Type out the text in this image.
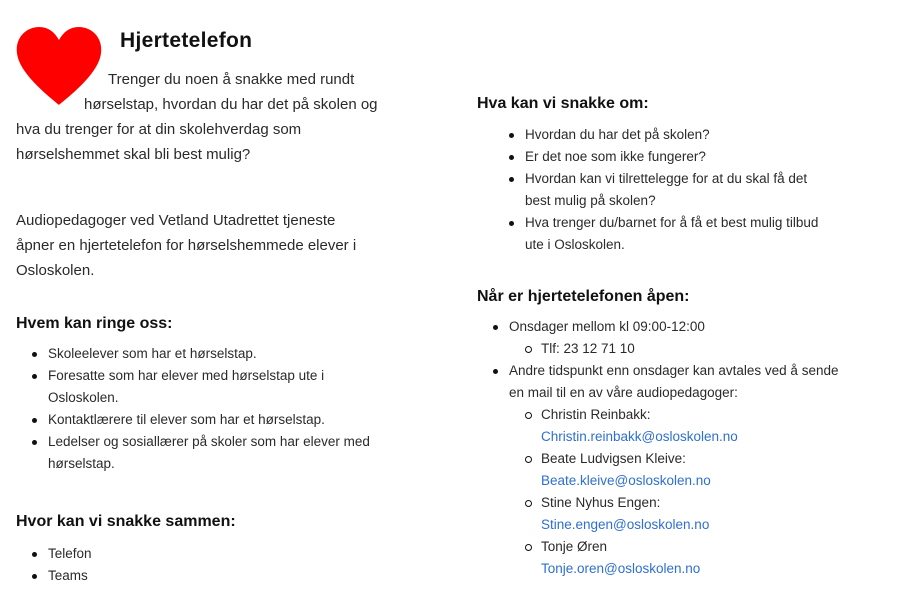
Hjertetelefon
Trenger du noen å snakke med rundt
hørselstap, hvordan du har det på skolen og
hva du trenger for at din skolehverdag som
hørselshemmet skal bli best mulig?
Audiopedagoger ved Vetland Utadrettet tjeneste
åpner en hjertetelefon for hørselshemmede elever i
Osloskolen.
Hvem kan ringe oss:
Skoleelever som har et hørselstap.
Foresatte som har elever med hørselstap ute i
Osloskolen.
Kontaktlærere til elever som har et hørselstap.
Ledelser og sosiallærer på skoler som har elever med
hørselstap.
Hvor kan vi snakke sammen:
Telefon
Teams
Hva kan vi snakke om:
Hvordan du har det på skolen?
Er det noe som ikke fungerer?
Hvordan kan vi tilrettelegge for at du skal få det
best mulig på skolen?
Hva trenger du/barnet for å få et best mulig tilbud
ute i Osloskolen.
Når er hjertetelefonen åpen:
Onsdager mellom kl 09:00-12:00
Tlf: 23 12 71 10
Andre tidspunkt enn onsdager kan avtales ved å sende
en mail til en av våre audiopedagoger:
Christin Reinbakk:
Christin.reinbakk@osloskolen.no
Beate Ludvigsen Kleive:
Beate.kleive@osloskolen.no
Stine Nyhus Engen:
Stine.engen@osloskolen.no
Tonje Øren
Tonje.oren@osloskolen.no
